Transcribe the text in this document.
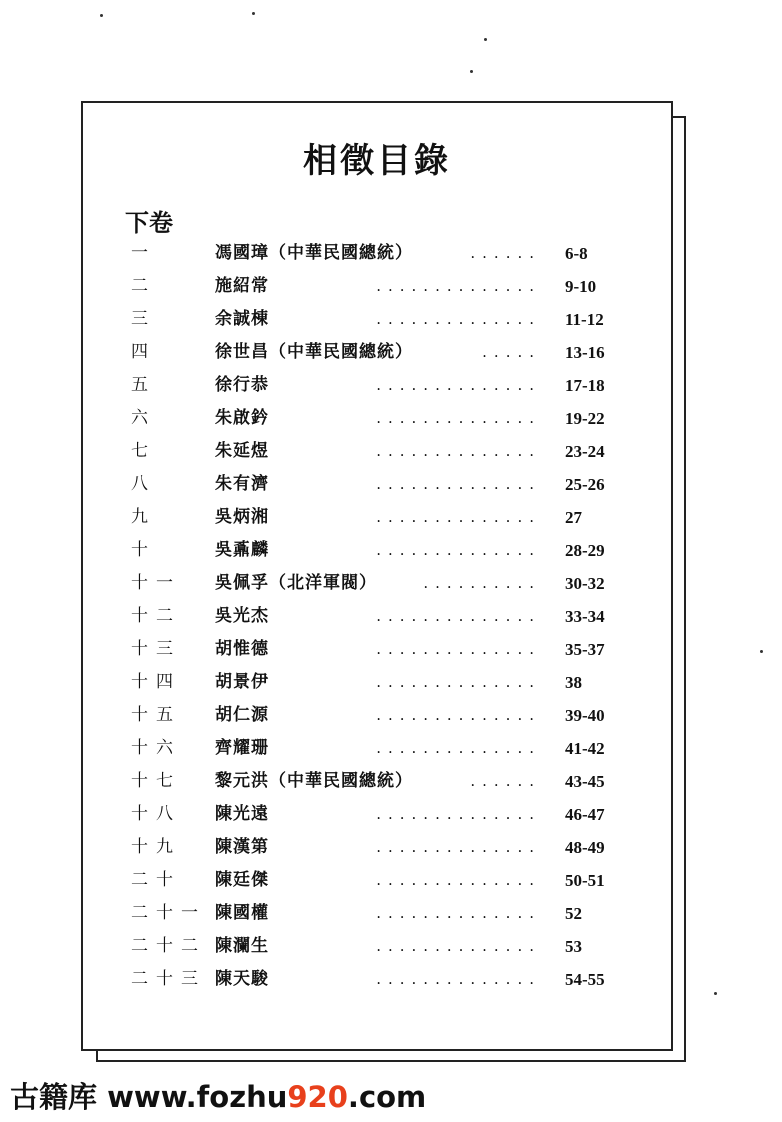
相徵目錄
下卷
一	馮國璋（中華民國總統）	...... 6-8
二	施紹常	.............. 9-10
三	余誠棟	.............. 11-12
四	徐世昌（中華民國總統）	..... 13-16
五	徐行恭	.............. 17-18
六	朱啟鈐	.............. 19-22
七	朱延煜	.............. 23-24
八	朱有濟	.............. 25-26
九	吳炳湘	.............. 27
十	吳鼒麟	.............. 28-29
十一	吳佩孚（北洋軍閥）	.......... 30-32
十二	吳光杰	.............. 33-34
十三	胡惟德	.............. 35-37
十四	胡景伊	.............. 38
十五	胡仁源	.............. 39-40
十六	齊耀珊	.............. 41-42
十七	黎元洪（中華民國總統）	...... 43-45
十八	陳光遠	.............. 46-47
十九	陳漢第	.............. 48-49
二十	陳廷傑	.............. 50-51
二十一 陳國權	.............. 52
二十二 陳瀾生	.............. 53
二十三 陳天駿	.............. 54-55
古籍库 www.fozhu920.com
